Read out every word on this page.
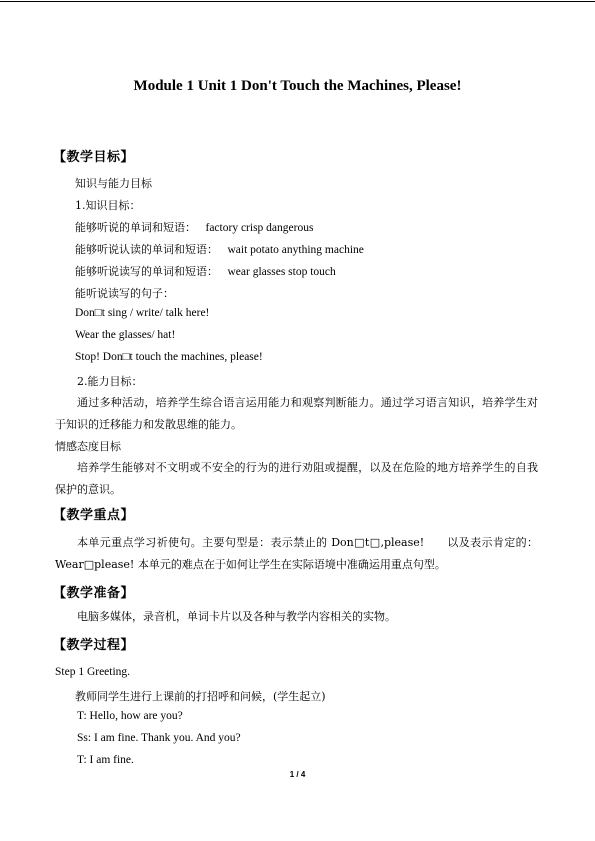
Module 1 Unit 1 Don't Touch the Machines, Please!
【教学目标】
知识与能力目标
1.知识目标：
能够听说的单词和短语： factory crisp dangerous
能够听说认读的单词和短语： wait potato anything machine
能够听说读写的单词和短语： wear glasses stop touch
能听说读写的句子：
Don□t sing / write/ talk here!
Wear the glasses/ hat!
Stop! Don□t touch the machines, please!
2.能力目标：
通过多种活动，培养学生综合语言运用能力和观察判断能力。通过学习语言知识，培养学生对于知识的迁移能力和发散思维的能力。
情感态度目标
培养学生能够对不文明或不安全的行为的进行劝阻或提醒，以及在危险的地方培养学生的自我保护的意识。
【教学重点】
本单元重点学习祈使句。主要句型是：表示禁止的 Don□t□,please!　　以及表示肯定的：Wear□please! 本单元的难点在于如何让学生在实际语境中准确运用重点句型。
【教学准备】
电脑多媒体，录音机，单词卡片以及各种与教学内容相关的实物。
【教学过程】
Step 1 Greeting.
教师同学生进行上课前的打招呼和问候，(学生起立)
T: Hello, how are you?
Ss: I am fine. Thank you. And you?
T: I am fine.
1 / 4
